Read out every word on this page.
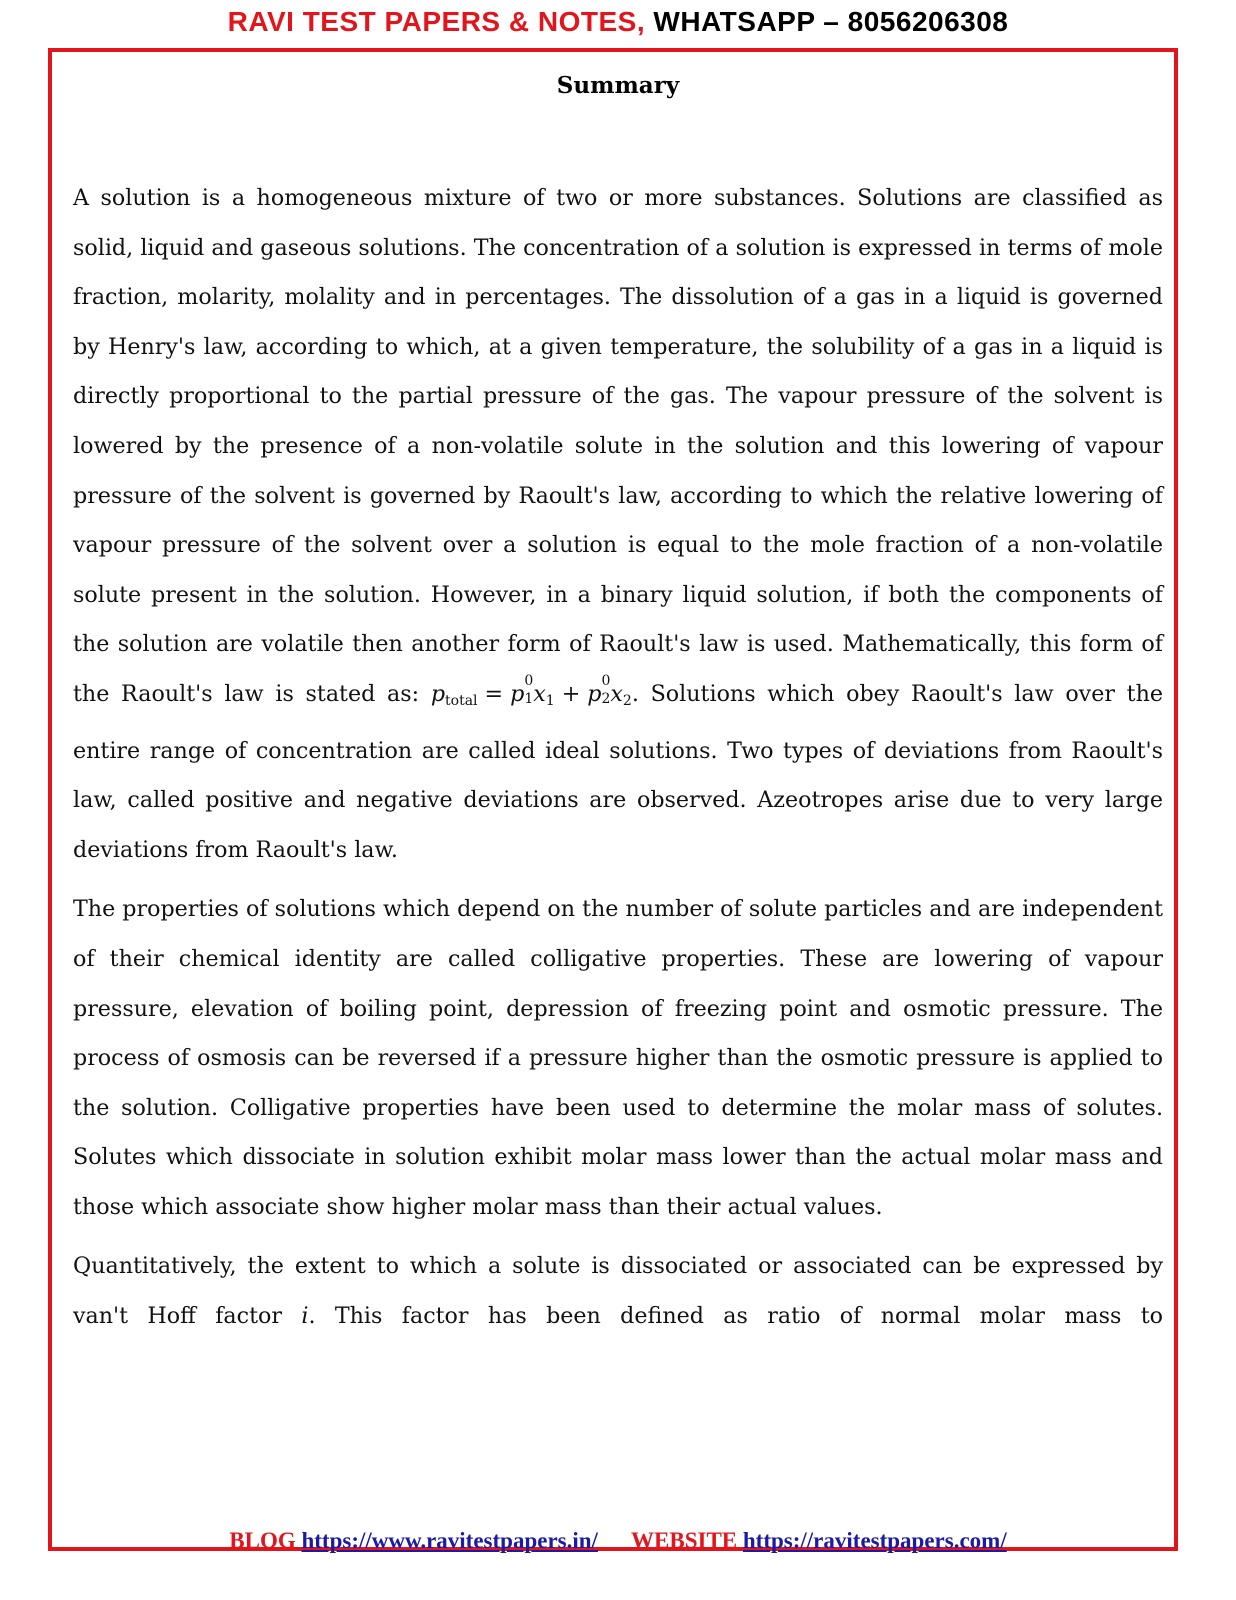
RAVI TEST PAPERS & NOTES, WHATSAPP – 8056206308
Summary

A solution is a homogeneous mixture of two or more substances. Solutions are classified as solid, liquid and gaseous solutions. The concentration of a solution is expressed in terms of mole fraction, molarity, molality and in percentages. The dissolution of a gas in a liquid is governed by Henry's law, according to which, at a given temperature, the solubility of a gas in a liquid is directly proportional to the partial pressure of the gas. The vapour pressure of the solvent is lowered by the presence of a non-volatile solute in the solution and this lowering of vapour pressure of the solvent is governed by Raoult's law, according to which the relative lowering of vapour pressure of the solvent over a solution is equal to the mole fraction of a non-volatile solute present in the solution. However, in a binary liquid solution, if both the components of the solution are volatile then another form of Raoult's law is used. Mathematically, this form of the Raoult's law is stated as: $p_{total} = p$ 0
1 $x_1 + p$ 0
2 $x_2$. Solutions which obey Raoult's law over the entire range of concentration are called ideal solutions. Two types of deviations from Raoult's law, called positive and negative deviations are observed. Azeotropes arise due to very large deviations from Raoult's law.

The properties of solutions which depend on the number of solute particles and are independent of their chemical identity are called colligative properties. These are lowering of vapour pressure, elevation of boiling point, depression of freezing point and osmotic pressure. The process of osmosis can be reversed if a pressure higher than the osmotic pressure is applied to the solution. Colligative properties have been used to determine the molar mass of solutes. Solutes which dissociate in solution exhibit molar mass lower than the actual molar mass and those which associate show higher molar mass than their actual values.

Quantitatively, the extent to which a solute is dissociated or associated can be expressed by van't Hoff factor i. This factor has been defined as ratio of normal molar mass to

BLOG https://www.ravitestpapers.in/ WEBSITE https://ravitestpapers.com/
